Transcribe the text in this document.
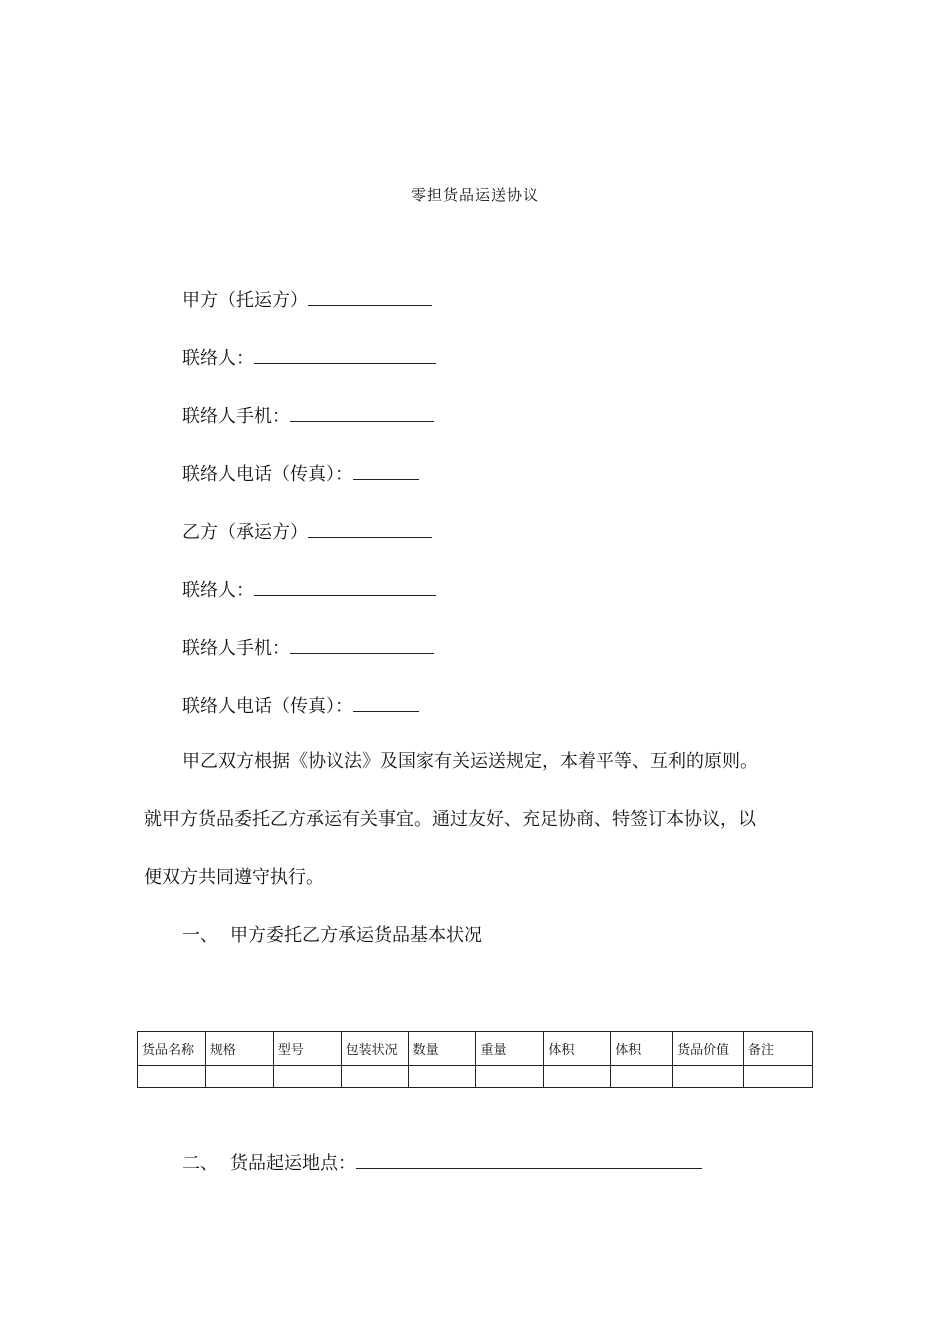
零担货品运送协议
甲方（托运方）
联络人：
联络人手机：
联络人电话（传真）：
乙方（承运方）
联络人：
联络人手机：
联络人电话（传真）：
甲乙双方根据《协议法》及国家有关运送规定，本着平等、互利的原则。
就甲方货品委托乙方承运有关事宜。通过友好、充足协商、特签订本协议，以
便双方共同遵守执行。
一、 甲方委托乙方承运货品基本状况
货品名称	规格	型号	包装状况	数量	重量	体积	体积	货品价值	备注

二、 货品起运地点：
